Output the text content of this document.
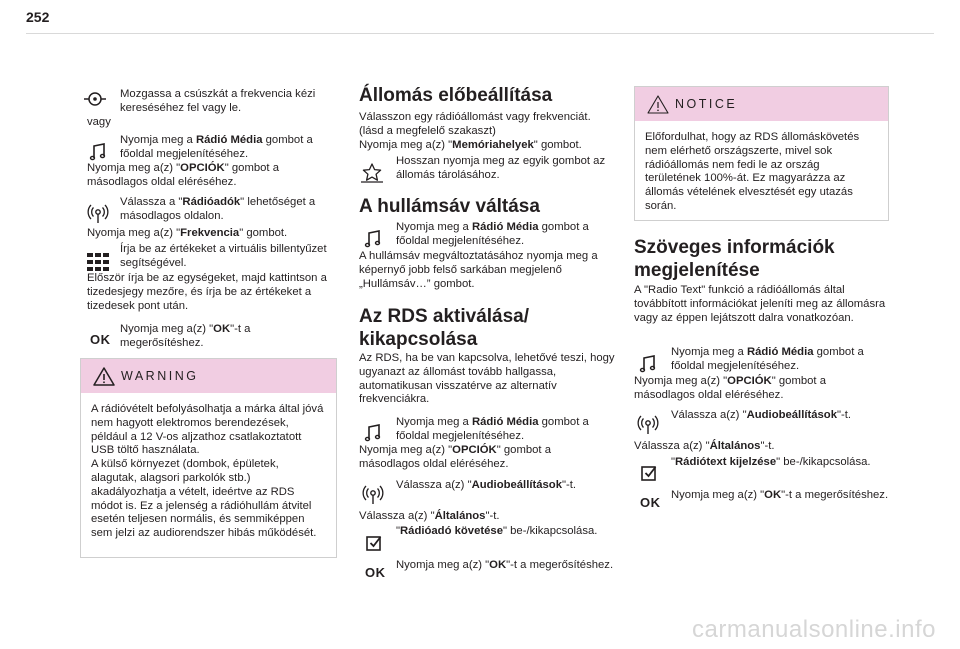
252
Mozgassa a csúszkát a frekvencia kézi kereséséhez fel vagy le.
vagy
Nyomja meg a Rádió Média gombot a főoldal megjelenítéséhez.
Nyomja meg a(z) "OPCIÓK" gombot a másodlagos oldal eléréséhez.
Válassza a "Rádióadók" lehetőséget a másodlagos oldalon.
Nyomja meg a(z) "Frekvencia" gombot.
Írja be az értékeket a virtuális billentyűzet segítségével.
Először írja be az egységeket, majd kattintson a tizedesjegy mezőre, és írja be az értékeket a tizedesek pont után.
OK
Nyomja meg a(z) "OK"-t a megerősítéshez.
WARNING
A rádióvételt befolyásolhatja a márka által jóvá nem hagyott elektromos berendezések, például a 12 V-os aljzathoz csatlakoztatott USB töltő használata.
A külső környezet (dombok, épületek, alagutak, alagsori parkolók stb.) akadályozhatja a vételt, ideértve az RDS módot is. Ez a jelenség a rádióhullám átvitel esetén teljesen normális, és semmiképpen sem jelzi az audiorendszer hibás működését.
Állomás előbeállítása
Válasszon egy rádióállomást vagy frekvenciát. (lásd a megfelelő szakaszt)
Nyomja meg a(z) "Memóriahelyek" gombot.
Hosszan nyomja meg az egyik gombot az állomás tárolásához.
A hullámsáv váltása
Nyomja meg a Rádió Média gombot a főoldal megjelenítéséhez.
A hullámsáv megváltoztatásához nyomja meg a képernyő jobb felső sarkában megjelenő „Hullámsáv…” gombot.
Az RDS aktiválása/ kikapcsolása
Az RDS, ha be van kapcsolva, lehetővé teszi, hogy ugyanazt az állomást tovább hallgassa, automatikusan visszatérve az alternatív frekvenciákra.
Nyomja meg a Rádió Média gombot a főoldal megjelenítéséhez.
Nyomja meg a(z) "OPCIÓK" gombot a másodlagos oldal eléréséhez.
Válassza a(z) "Audiobeállítások"-t.
Válassza a(z) "Általános"-t.
"Rádióadó követése" be-/kikapcsolása.
OK Nyomja meg a(z) "OK"-t a megerősítéshez.
NOTICE
Előfordulhat, hogy az RDS állomáskövetés nem elérhető országszerte, mivel sok rádióállomás nem fedi le az ország területének 100%-át. Ez magyarázza az állomás vételének elvesztését egy utazás során.
Szöveges információk megjelenítése
A "Radio Text" funkció a rádióállomás által továbbított információkat jeleníti meg az állomásra vagy az éppen lejátszott dalra vonatkozóan.
Nyomja meg a Rádió Média gombot a főoldal megjelenítéséhez.
Nyomja meg a(z) "OPCIÓK" gombot a másodlagos oldal eléréséhez.
Válassza a(z) "Audiobeállítások"-t.
Válassza a(z) "Általános"-t.
"Rádiótext kijelzése" be-/kikapcsolása.
OK Nyomja meg a(z) "OK"-t a megerősítéshez.
carmanualsonline.info
